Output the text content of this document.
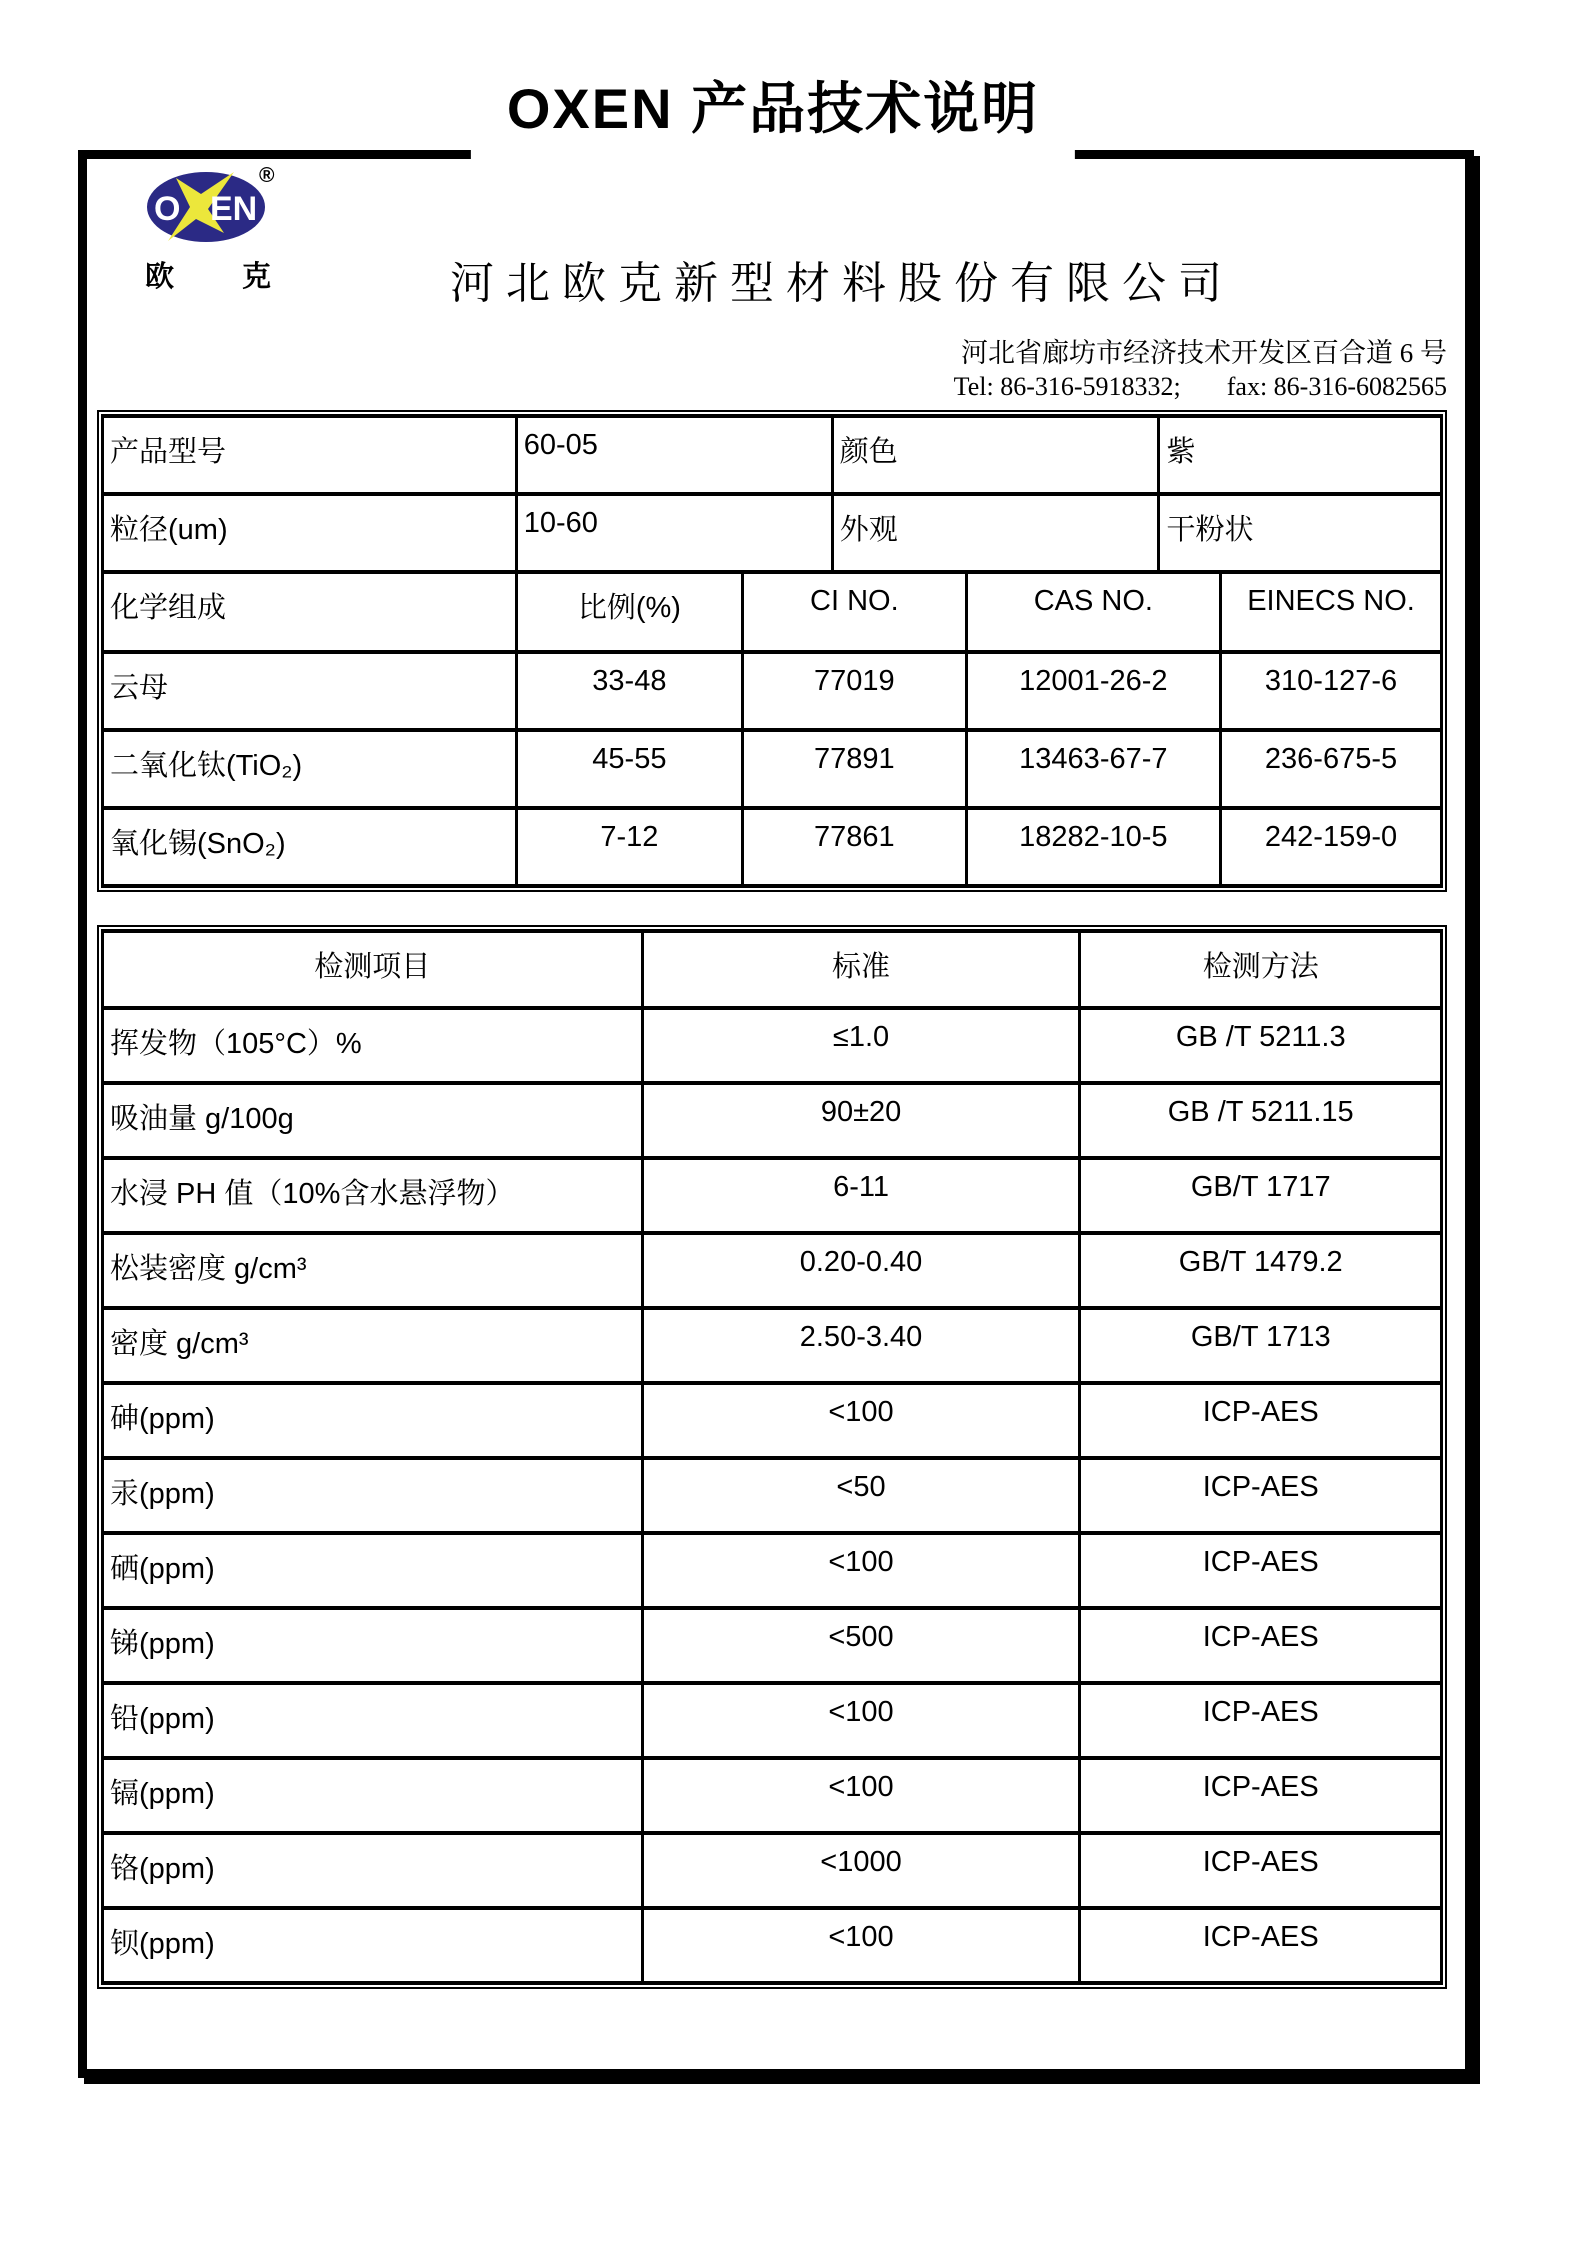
OXEN 产品技术说明
O EN
®
欧 克	河北欧克新型材料股份有限公司
河北省廊坊市经济技术开发区百合道 6 号
Tel: 86-316-5918332; fax: 86-316-6082565
产品型号	60-05	颜色	紫
粒径(um)	10-60	外观	干粉状
化学组成	比例(%)	CI NO.	CAS NO.	EINECS NO.
云母	33-48	77019	12001-26-2	310-127-6
二氧化钛(TiO₂)	45-55	77891	13463-67-7	236-675-5
氧化锡(SnO₂)	7-12	77861	18282-10-5	242-159-0
检测项目	标准	检测方法
挥发物（105°C）%	≤1.0	GB /T 5211.3
吸油量 g/100g	90±20	GB /T 5211.15
水浸 PH 值（10%含水悬浮物）	6-11	GB/T 1717
松装密度 g/cm³	0.20-0.40	GB/T 1479.2
密度 g/cm³	2.50-3.40	GB/T 1713
砷(ppm)	<100	ICP-AES
汞(ppm)	<50	ICP-AES
硒(ppm)	<100	ICP-AES
锑(ppm)	<500	ICP-AES
铅(ppm)	<100	ICP-AES
镉(ppm)	<100	ICP-AES
铬(ppm)	<1000	ICP-AES
钡(ppm)	<100	ICP-AES
